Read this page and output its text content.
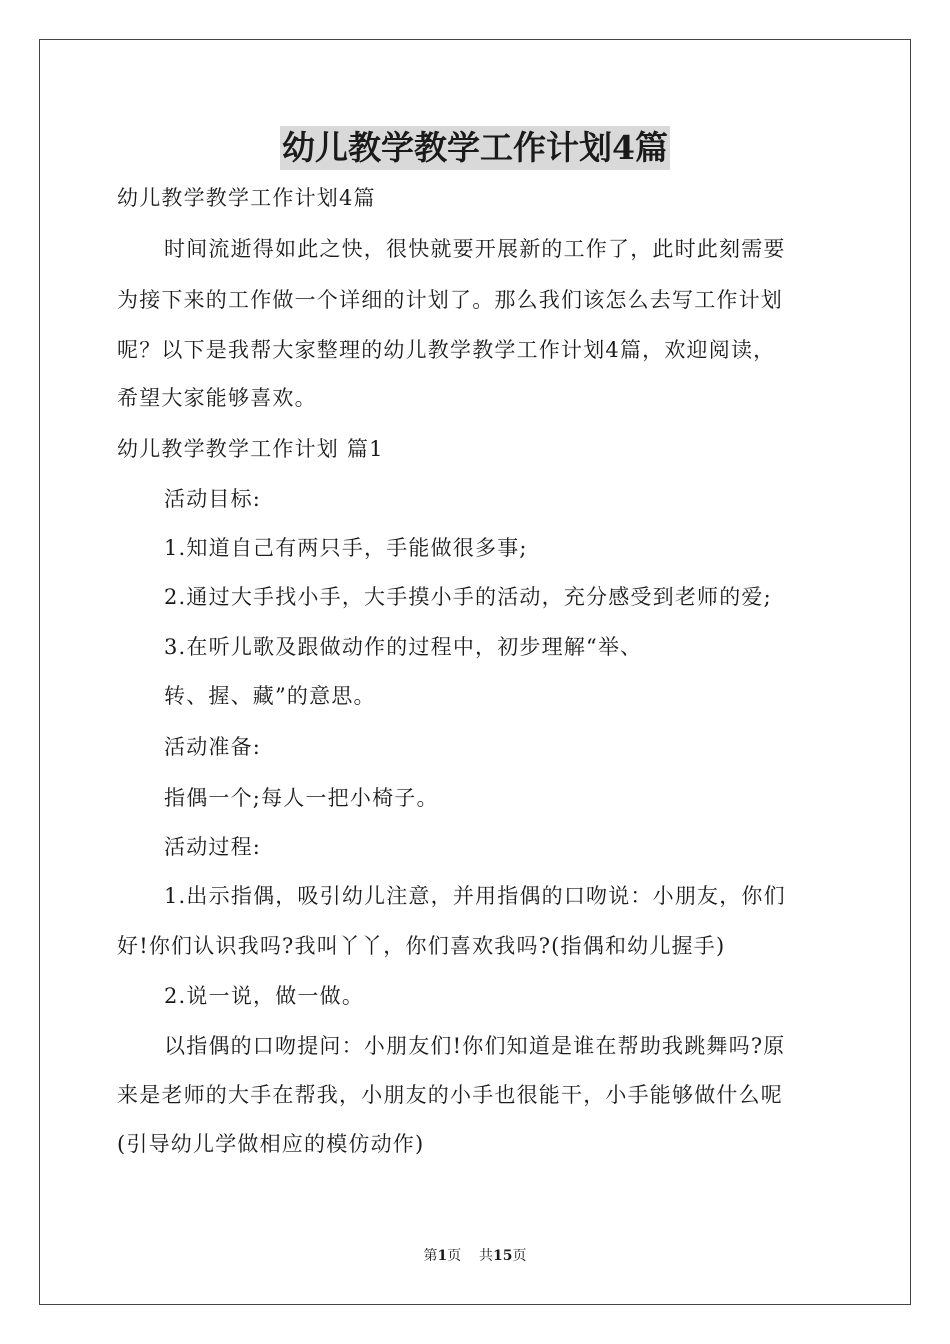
幼儿教学教学工作计划4篇
幼儿教学教学工作计划4篇
时间流逝得如此之快，很快就要开展新的工作了，此时此刻需要
为接下来的工作做一个详细的计划了。那么我们该怎么去写工作计划
呢？以下是我帮大家整理的幼儿教学教学工作计划4篇，欢迎阅读，
希望大家能够喜欢。
幼儿教学教学工作计划 篇1
活动目标:
1.知道自己有两只手，手能做很多事;
2.通过大手找小手，大手摸小手的活动，充分感受到老师的爱;
3.在听儿歌及跟做动作的过程中，初步理解“举、
转、握、藏”的意思。
活动准备:
指偶一个;每人一把小椅子。
活动过程:
1.出示指偶，吸引幼儿注意，并用指偶的口吻说：小朋友，你们
好!你们认识我吗?我叫丫丫，你们喜欢我吗?(指偶和幼儿握手)
2.说一说，做一做。
以指偶的口吻提问：小朋友们!你们知道是谁在帮助我跳舞吗?原
来是老师的大手在帮我，小朋友的小手也很能干，小手能够做什么呢
(引导幼儿学做相应的模仿动作)
第1页 共15页
